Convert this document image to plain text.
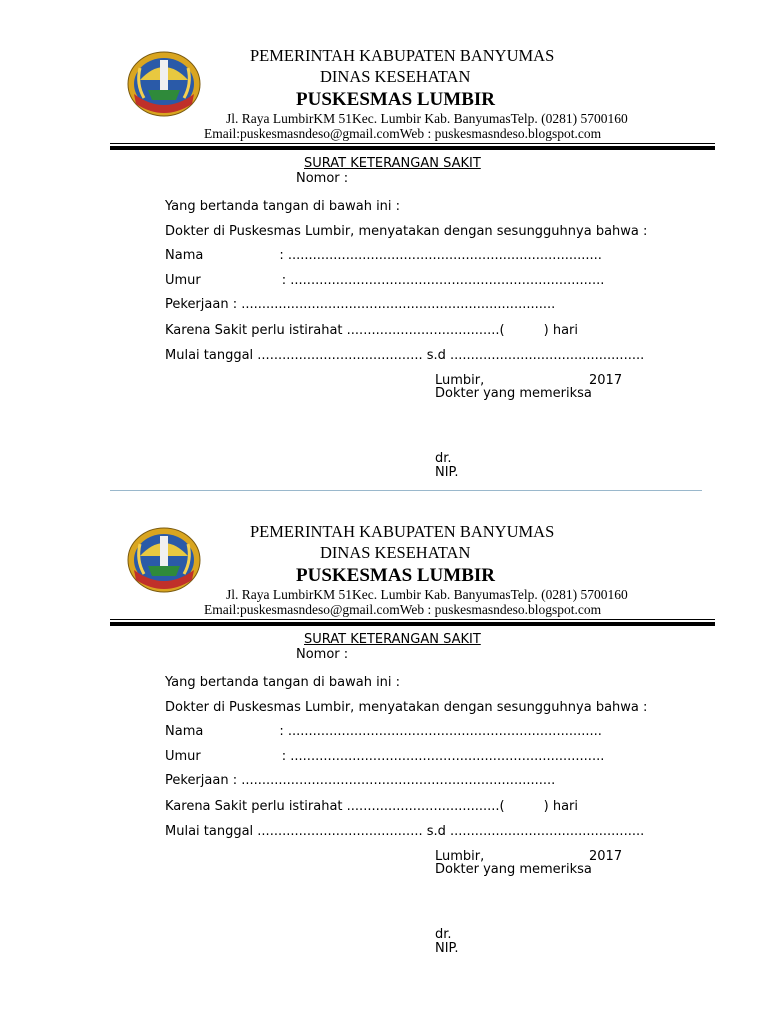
PEMERINTAH KABUPATEN BANYUMAS
DINAS KESEHATAN
PUSKESMAS LUMBIR
Jl. Raya LumbirKM 51Kec. Lumbir Kab. BanyumasTelp. (0281) 5700160
Email:puskesmasndeso@gmail.comWeb : puskesmasndeso.blogspot.com
SURAT KETERANGAN SAKIT
Nomor :
Yang bertanda tangan di bawah ini :
Dokter di Puskesmas Lumbir, menyatakan dengan sesungguhnya bahwa :
Nama	: ............................................................................
Umur	: ............................................................................
Pekerjaan : ............................................................................
Karena Sakit perlu istirahat .....................................(	) hari
Mulai tanggal ........................................ s.d ...............................................
Lumbir,	2017
Dokter yang memeriksa
dr.
NIP.
PEMERINTAH KABUPATEN BANYUMAS
DINAS KESEHATAN
PUSKESMAS LUMBIR
Jl. Raya LumbirKM 51Kec. Lumbir Kab. BanyumasTelp. (0281) 5700160
Email:puskesmasndeso@gmail.comWeb : puskesmasndeso.blogspot.com
SURAT KETERANGAN SAKIT
Nomor :
Yang bertanda tangan di bawah ini :
Dokter di Puskesmas Lumbir, menyatakan dengan sesungguhnya bahwa :
Nama	: ............................................................................
Umur	: ............................................................................
Pekerjaan : ............................................................................
Karena Sakit perlu istirahat .....................................(	) hari
Mulai tanggal ........................................ s.d ...............................................
Lumbir,	2017
Dokter yang memeriksa
dr.
NIP.
